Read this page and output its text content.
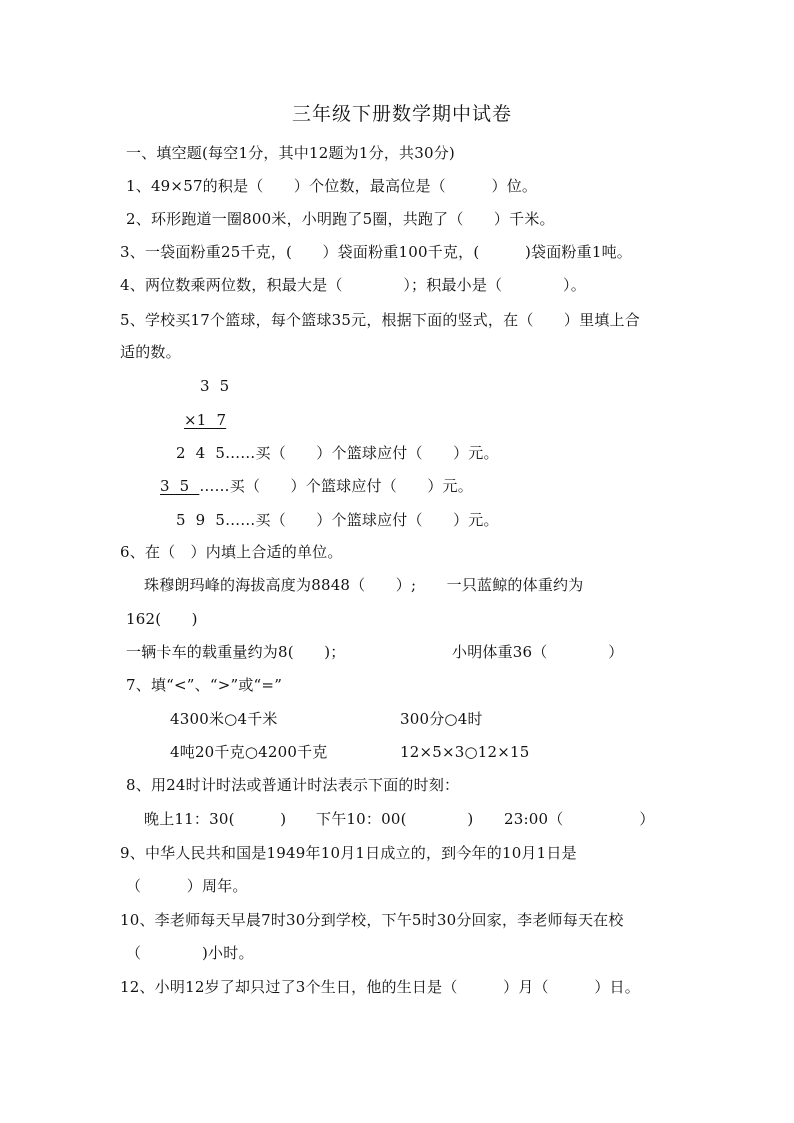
三年级下册数学期中试卷
一、填空题(每空1分，其中12题为1分，共30分)
1、49×57的积是（　　）个位数，最高位是（　　　）位。
2、环形跑道一圈800米，小明跑了5圈，共跑了（　　）千米。
3、一袋面粉重25千克，(　　）袋面粉重100千克，(　　　)袋面粉重1吨。
4、两位数乘两位数，积最大是（　　　　）；积最小是（　　　　）。
5、学校买17个篮球，每个篮球35元，根据下面的竖式，在（　　）里填上合
适的数。
3  5
×1  7
2  4  5……买（　　）个篮球应付（　　）元。
3  5  ……买（　　）个篮球应付（　　）元。
5  9  5……买（　　）个篮球应付（　　）元。
6、在（　）内填上合适的单位。
珠穆朗玛峰的海拔高度为8848（　　）;　　一只蓝鲸的体重约为
162(　　)
一辆卡车的载重量约为8(　　)；	小明体重36（　　　　）
7、填“<”、“>”或“=”
4300米○4千米	300分○4时
4吨20千克○4200千克	12×5×3○12×15
8、用24时计时法或普通计时法表示下面的时刻：
晚上11：30(　　　) 下午10：00(　　　　) 23:00（　　　　　）
9、中华人民共和国是1949年10月1日成立的，到今年的10月1日是
（　　　）周年。
10、李老师每天早晨7时30分到学校，下午5时30分回家，李老师每天在校
（　　　　)小时。
12、小明12岁了却只过了3个生日，他的生日是（　　　）月（　　　）日。
